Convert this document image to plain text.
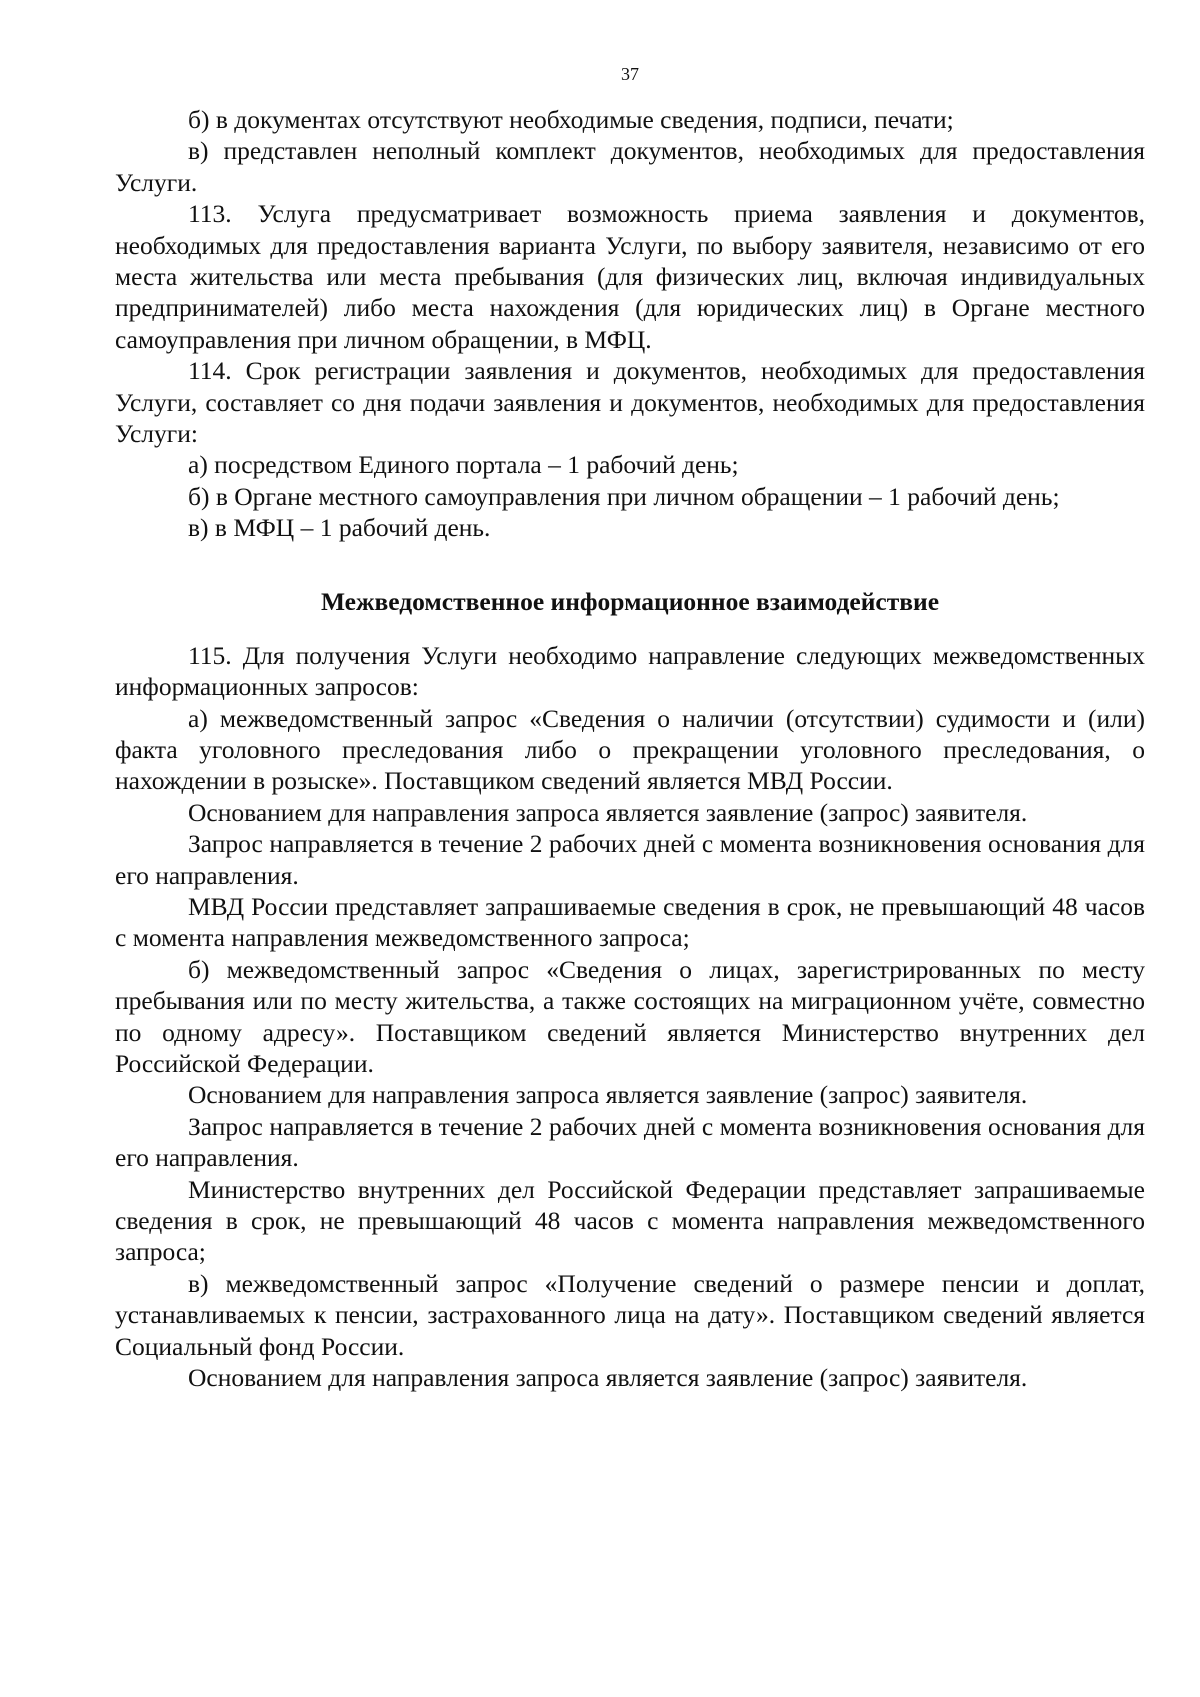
37

б) в документах отсутствуют необходимые сведения, подписи, печати;

в) представлен неполный комплект документов, необходимых для предоставления Услуги.

113. Услуга предусматривает возможность приема заявления и документов, необходимых для предоставления варианта Услуги, по выбору заявителя, независимо от его места жительства или места пребывания (для физических лиц, включая индивидуальных предпринимателей) либо места нахождения (для юридических лиц) в Органе местного самоуправления при личном обращении, в МФЦ.

114. Срок регистрации заявления и документов, необходимых для предоставления Услуги, составляет со дня подачи заявления и документов, необходимых для предоставления Услуги:

а) посредством Единого портала – 1 рабочий день;

б) в Органе местного самоуправления при личном обращении – 1 рабочий день;

в) в МФЦ – 1 рабочий день.

Межведомственное информационное взаимодействие

115. Для получения Услуги необходимо направление следующих межведомственных информационных запросов:

а) межведомственный запрос «Сведения о наличии (отсутствии) судимости и (или) факта уголовного преследования либо о прекращении уголовного преследования, о нахождении в розыске». Поставщиком сведений является МВД России.

Основанием для направления запроса является заявление (запрос) заявителя.

Запрос направляется в течение 2 рабочих дней с момента возникновения основания для его направления.

МВД России представляет запрашиваемые сведения в срок, не превышающий 48 часов с момента направления межведомственного запроса;

б) межведомственный запрос «Сведения о лицах, зарегистрированных по месту пребывания или по месту жительства, а также состоящих на миграционном учёте, совместно по одному адресу». Поставщиком сведений является Министерство внутренних дел Российской Федерации.

Основанием для направления запроса является заявление (запрос) заявителя.

Запрос направляется в течение 2 рабочих дней с момента возникновения основания для его направления.

Министерство внутренних дел Российской Федерации представляет запрашиваемые сведения в срок, не превышающий 48 часов с момента направления межведомственного запроса;

в) межведомственный запрос «Получение сведений о размере пенсии и доплат, устанавливаемых к пенсии, застрахованного лица на дату». Поставщиком сведений является Социальный фонд России.

Основанием для направления запроса является заявление (запрос) заявителя.
